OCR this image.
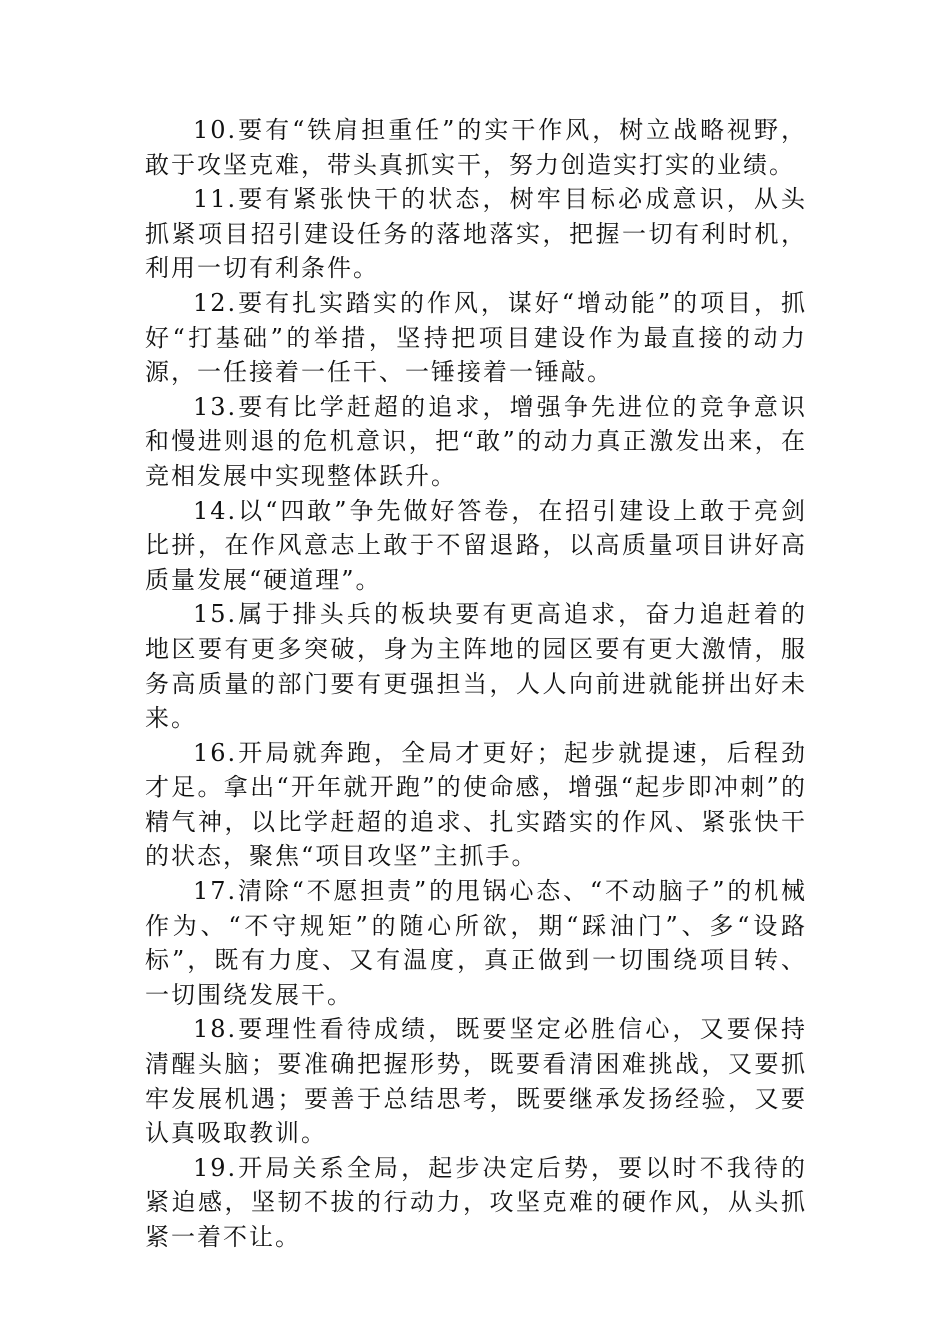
10.要有“铁肩担重任”的实干作风，树立战略视野，敢于攻坚克难，带头真抓实干，努力创造实打实的业绩。

11.要有紧张快干的状态，树牢目标必成意识，从头抓紧项目招引建设任务的落地落实，把握一切有利时机，利用一切有利条件。

12.要有扎实踏实的作风，谋好“增动能”的项目，抓好“打基础”的举措，坚持把项目建设作为最直接的动力源，一任接着一任干、一锤接着一锤敲。

13.要有比学赶超的追求，增强争先进位的竞争意识和慢进则退的危机意识，把“敢”的动力真正激发出来，在竞相发展中实现整体跃升。

14.以“四敢”争先做好答卷，在招引建设上敢于亮剑比拼，在作风意志上敢于不留退路，以高质量项目讲好高质量发展“硬道理”。

15.属于排头兵的板块要有更高追求，奋力追赶着的地区要有更多突破，身为主阵地的园区要有更大激情，服务高质量的部门要有更强担当，人人向前进就能拼出好未来。

16.开局就奔跑，全局才更好；起步就提速，后程劲才足。拿出“开年就开跑”的使命感，增强“起步即冲刺”的精气神，以比学赶超的追求、扎实踏实的作风、紧张快干的状态，聚焦“项目攻坚”主抓手。

17.清除“不愿担责”的甩锅心态、“不动脑子”的机械作为、“不守规矩”的随心所欲，期“踩油门”、多“设路标”，既有力度、又有温度，真正做到一切围绕项目转、一切围绕发展干。

18.要理性看待成绩，既要坚定必胜信心，又要保持清醒头脑；要准确把握形势，既要看清困难挑战，又要抓牢发展机遇；要善于总结思考，既要继承发扬经验，又要认真吸取教训。

19.开局关系全局，起步决定后势，要以时不我待的紧迫感，坚韧不拔的行动力，攻坚克难的硬作风，从头抓紧一着不让。
